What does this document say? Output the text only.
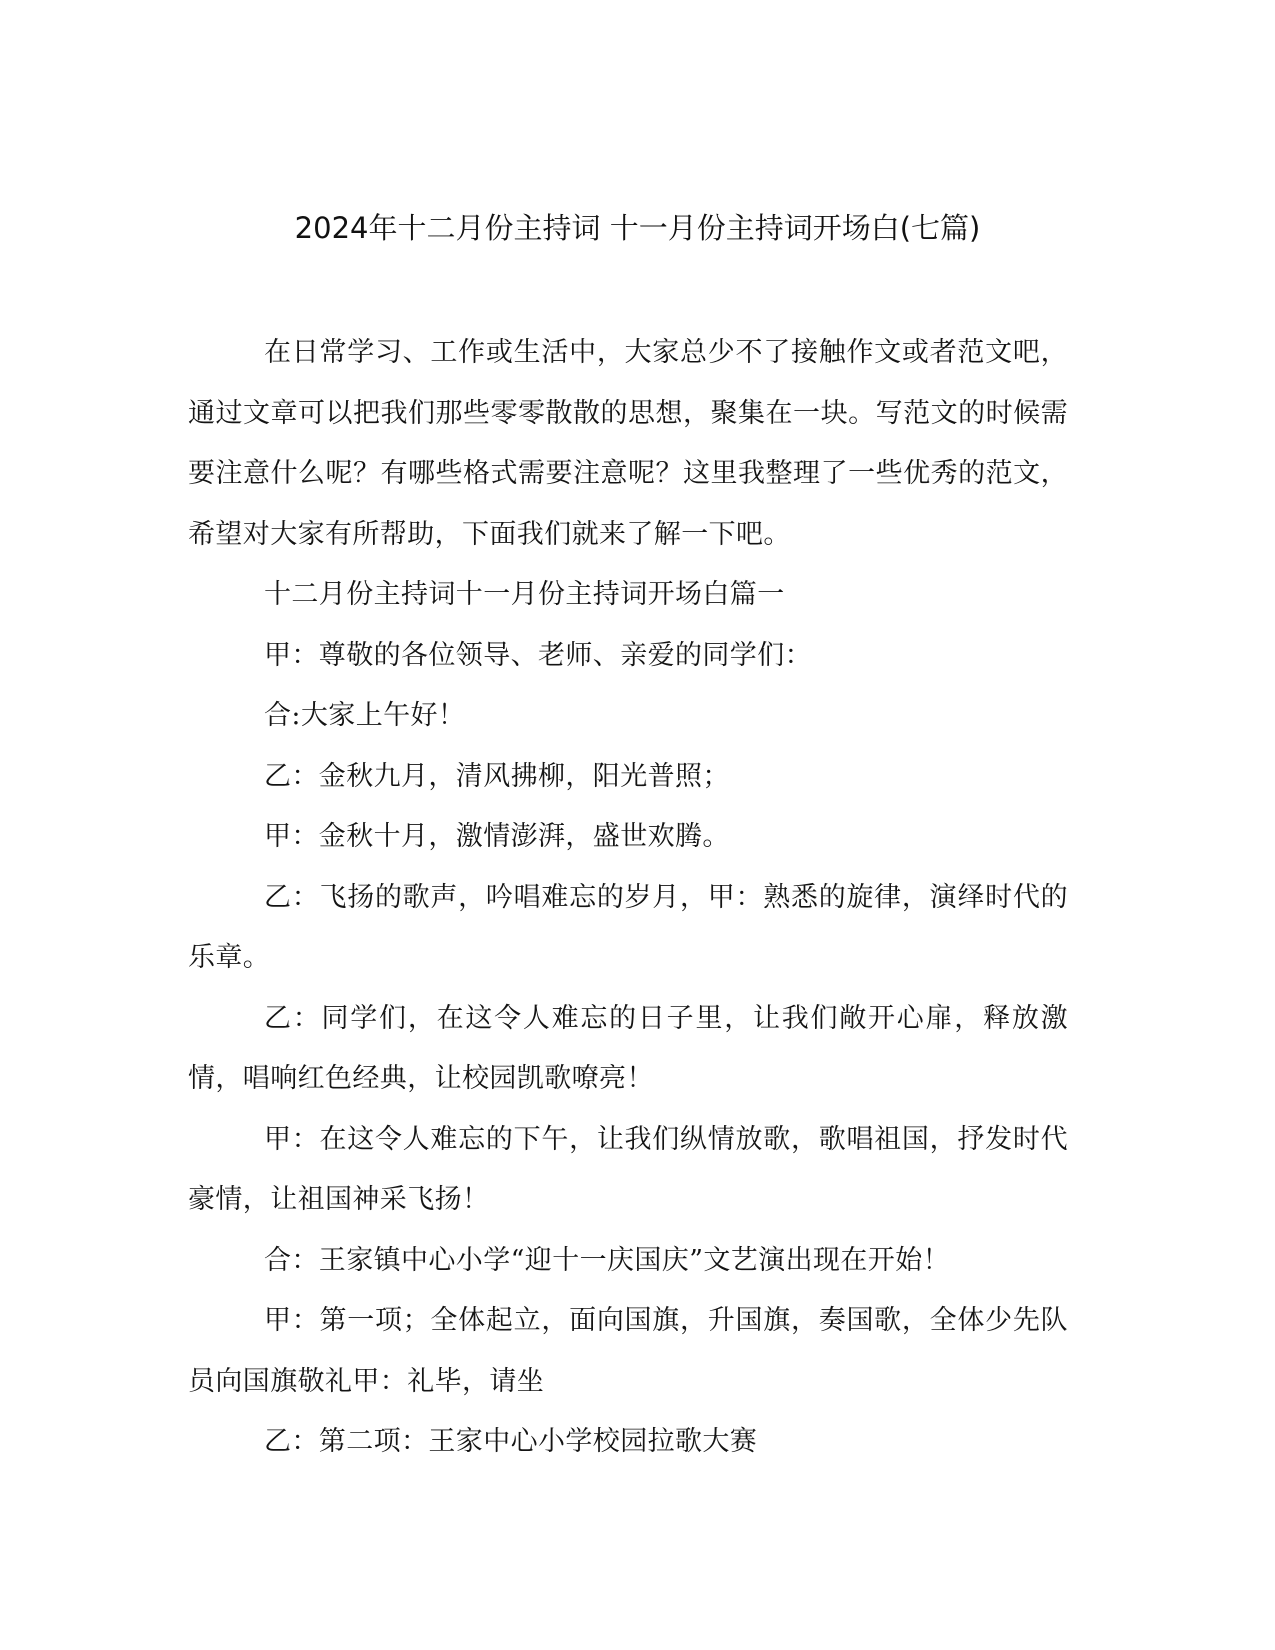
2024年十二月份主持词 十一月份主持词开场白(七篇)

在日常学习、工作或生活中，大家总少不了接触作文或者范文吧，通过文章可以把我们那些零零散散的思想，聚集在一块。写范文的时候需要注意什么呢？有哪些格式需要注意呢？这里我整理了一些优秀的范文，希望对大家有所帮助，下面我们就来了解一下吧。

十二月份主持词十一月份主持词开场白篇一

甲：尊敬的各位领导、老师、亲爱的同学们：

合:大家上午好！

乙：金秋九月，清风拂柳，阳光普照；

甲：金秋十月，激情澎湃，盛世欢腾。

乙：飞扬的歌声，吟唱难忘的岁月，甲：熟悉的旋律，演绎时代的乐章。

乙：同学们，在这令人难忘的日子里，让我们敞开心扉，释放激情，唱响红色经典，让校园凯歌嘹亮！

甲：在这令人难忘的下午，让我们纵情放歌，歌唱祖国，抒发时代豪情，让祖国神采飞扬！

合：王家镇中心小学“迎十一庆国庆”文艺演出现在开始！

甲：第一项；全体起立，面向国旗，升国旗，奏国歌，全体少先队员向国旗敬礼甲：礼毕，请坐

乙：第二项：王家中心小学校园拉歌大赛
